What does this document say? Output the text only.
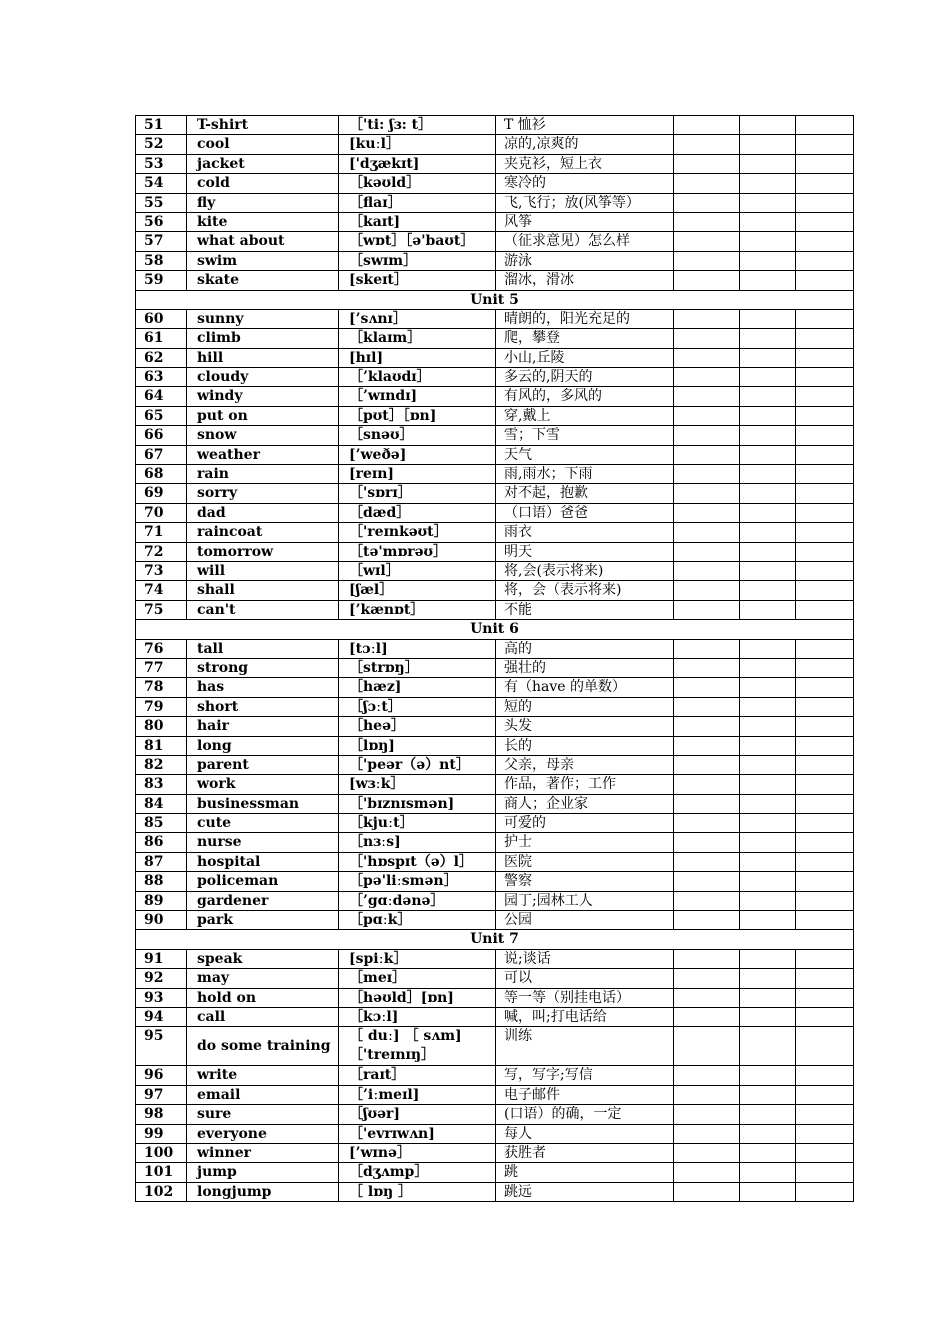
51	T-shirt	［'ti: ʃɜ: t］	T 恤衫			
52	cool	[kuːl］	凉的,凉爽的			
53	jacket	['dʒækɪt]	夹克衫，短上衣			
54	cold	［kəʊld］	寒冷的			
55	fly	［flaɪ］	飞,飞行；放(风筝等）			
56	kite	［kaɪt]	风筝			
57	what about	［wɒt］［ə'baʊt］	（征求意见）怎么样			
58	swim	［swɪm］	游泳			
59	skate	[skeɪt］	溜冰，滑冰			
Unit 5						
60	sunny	[’sʌnɪ］	晴朗的，阳光充足的			
61	climb	［klaɪm］	爬，攀登			
62	hill	[hɪl]	小山,丘陵			
63	cloudy	［’klaʊdɪ］	多云的,阴天的			
64	windy	［’wɪndɪ]	有风的，多风的			
65	put on	［pʊt］［ɒn]	穿,戴上			
66	snow	［snəʊ］	雪；下雪			
67	weather	[’weðə]	天气			
68	rain	[reɪn]	雨,雨水；下雨			
69	sorry	［'sɒrɪ］	对不起，抱歉			
70	dad	［dæd］	（口语）爸爸			
71	raincoat	［'reɪnkəʊt］	雨衣			
72	tomorrow	［tə'mɒrəʊ］	明天			
73	will	［wɪl］	将,会(表示将来)			
74	shall	[ʃæl］	将，会（表示将来)			
75	can't	[’kænɒt］	不能			
Unit 6						
76	tall	[tɔːl]	高的			
77	strong	［strɒŋ］	强壮的			
78	has	［hæz]	有（have 的单数）			
79	short	［ʃɔːt］	短的			
80	hair	［heə］	头发			
81	long	［lɒŋ]	长的			
82	parent	［'peər（ə）nt］	父亲，母亲			
83	work	[wɜːk］	作品，著作；工作			
84	businessman	［'bɪznɪsmən]	商人；企业家			
85	cute	［kjuːt］	可爱的			
86	nurse	［nɜːs]	护士			
87	hospital	［'hɒspɪt（ə）l］	医院			
88	policeman	［pə'liːsmən］	警察			
89	gardener	［’gɑːdənə］	园丁;园林工人			
90	park	［pɑːk］	公园			
Unit 7						
91	speak	[spiːk］	说;谈话			
92	may	［meɪ］	可以			
93	hold on	［həʊld］[ɒn]	等一等（别挂电话）			
94	call	［kɔːl]	喊，叫;打电话给			
95	do some training	［ duː] ［ sʌm] ［'treɪnɪŋ］	训练			
96	write	［raɪt］	写，写字;写信			
97	email	［’iːmeɪl]	电子邮件			
98	sure	［ʃʊər]	(口语）的确，一定			
99	everyone	［'evrɪwʌn]	每人			
100	winner	[’wɪnə］	获胜者			
101	jump	［dʒʌmp］	跳			
102	longjump	［ lɒŋ ］	跳远			
